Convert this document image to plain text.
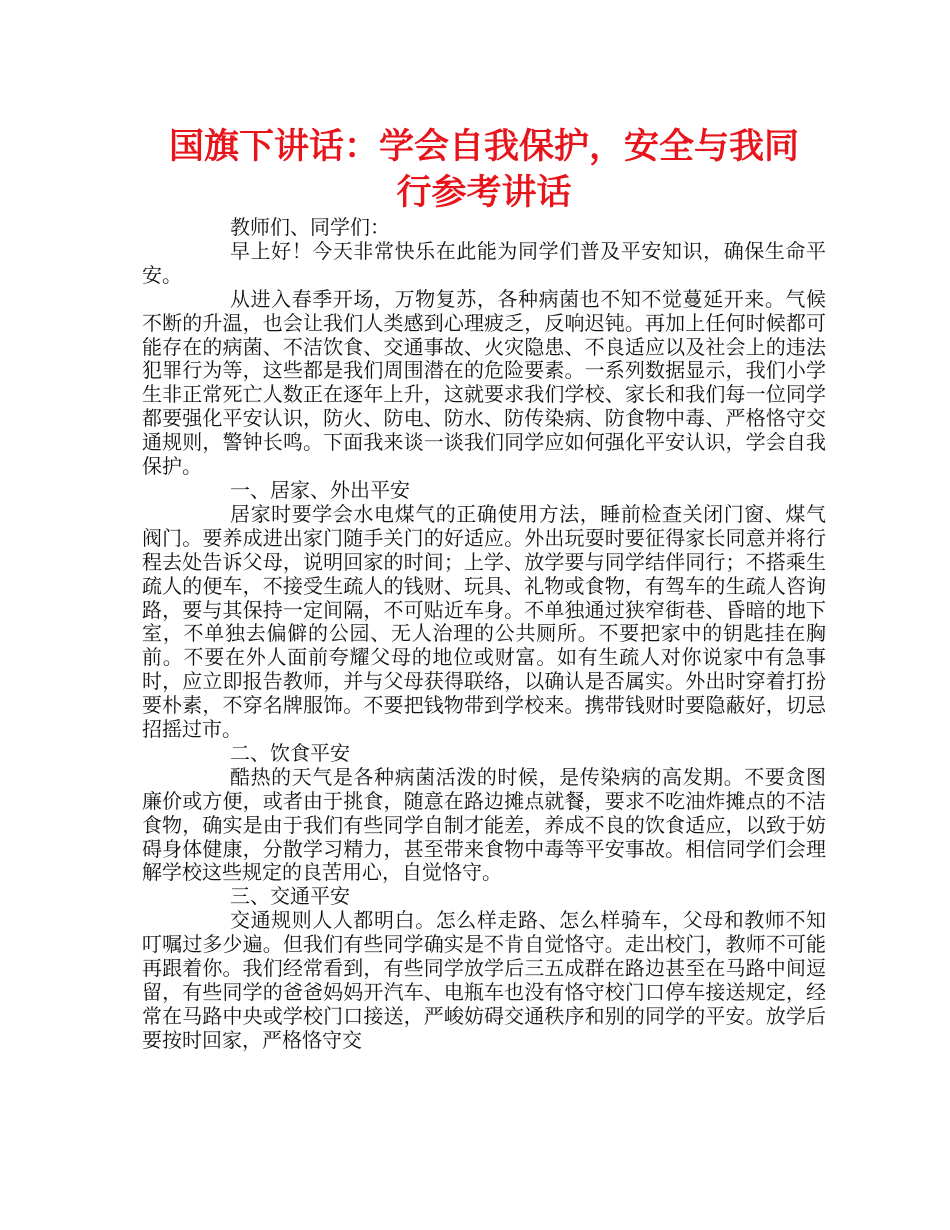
国旗下讲话：学会自我保护，安全与我同
行参考讲话

教师们、同学们：

早上好！今天非常快乐在此能为同学们普及平安知识，确保生命平安。

从进入春季开场，万物复苏，各种病菌也不知不觉蔓延开来。气候不断的升温，也会让我们人类感到心理疲乏，反响迟钝。再加上任何时候都可能存在的病菌、不洁饮食、交通事故、火灾隐患、不良适应以及社会上的违法犯罪行为等，这些都是我们周围潜在的危险要素。一系列数据显示，我们小学生非正常死亡人数正在逐年上升，这就要求我们学校、家长和我们每一位同学都要强化平安认识，防火、防电、防水、防传染病、防食物中毒、严格恪守交通规则，警钟长鸣。下面我来谈一谈我们同学应如何强化平安认识，学会自我保护。

一、居家、外出平安

居家时要学会水电煤气的正确使用方法，睡前检查关闭门窗、煤气阀门。要养成进出家门随手关门的好适应。外出玩耍时要征得家长同意并将行程去处告诉父母，说明回家的时间；上学、放学要与同学结伴同行；不搭乘生疏人的便车，不接受生疏人的钱财、玩具、礼物或食物，有驾车的生疏人咨询路，要与其保持一定间隔，不可贴近车身。不单独通过狭窄街巷、昏暗的地下室，不单独去偏僻的公园、无人治理的公共厕所。不要把家中的钥匙挂在胸前。不要在外人面前夸耀父母的地位或财富。如有生疏人对你说家中有急事时，应立即报告教师，并与父母获得联络，以确认是否属实。外出时穿着打扮要朴素，不穿名牌服饰。不要把钱物带到学校来。携带钱财时要隐蔽好，切忌招摇过市。

二、饮食平安

酷热的天气是各种病菌活泼的时候，是传染病的高发期。不要贪图廉价或方便，或者由于挑食，随意在路边摊点就餐，要求不吃油炸摊点的不洁食物，确实是由于我们有些同学自制才能差，养成不良的饮食适应，以致于妨碍身体健康，分散学习精力，甚至带来食物中毒等平安事故。相信同学们会理解学校这些规定的良苦用心，自觉恪守。

三、交通平安

交通规则人人都明白。怎么样走路、怎么样骑车，父母和教师不知叮嘱过多少遍。但我们有些同学确实是不肯自觉恪守。走出校门，教师不可能再跟着你。我们经常看到，有些同学放学后三五成群在路边甚至在马路中间逗留，有些同学的爸爸妈妈开汽车、电瓶车也没有恪守校门口停车接送规定，经常在马路中央或学校门口接送，严峻妨碍交通秩序和别的同学的平安。放学后要按时回家，严格恪守交
